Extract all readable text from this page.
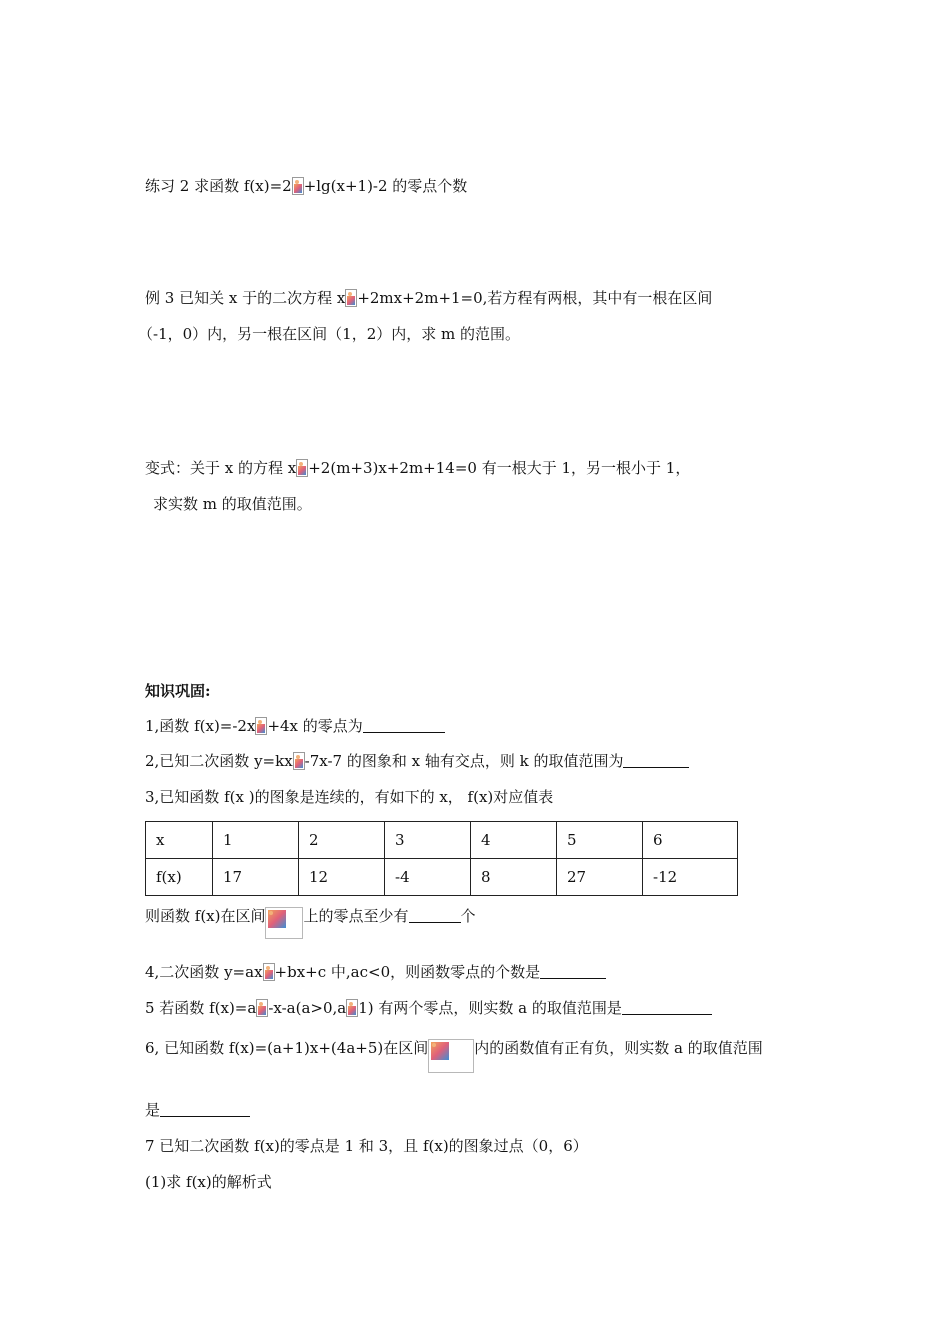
练习 2 求函数 f(x)=2 +lg(x+1)-2 的零点个数
例 3 已知关 x 于的二次方程 x +2mx+2m+1=0,若方程有两根，其中有一根在区间
（-1，0）内，另一根在区间（1，2）内，求 m 的范围。
变式：关于 x 的方程 x +2(m+3)x+2m+14=0 有一根大于 1，另一根小于 1，
求实数 m 的取值范围。
知识巩固:
1,函数 f(x)=-2x +4x 的零点为
2,已知二次函数 y=kx -7x-7 的图象和 x 轴有交点，则 k 的取值范围为
3,已知函数 f(x )的图象是连续的，有如下的 x， f(x)对应值表
x	1	2	3	4	5	6
f(x)	17	12	-4	8	27	-12
则函数 f(x)在区间	上的零点至少有	个
4,二次函数 y=ax +bx+c 中,ac<0，则函数零点的个数是
5 若函数 f(x)=a -x-a(a>0,a 1) 有两个零点，则实数 a 的取值范围是
6, 已知函数 f(x)=(a+1)x+(4a+5)在区间	内的函数值有正有负，则实数 a 的取值范围
是
7 已知二次函数 f(x)的零点是 1 和 3，且 f(x)的图象过点（0，6）
(1)求 f(x)的解析式
